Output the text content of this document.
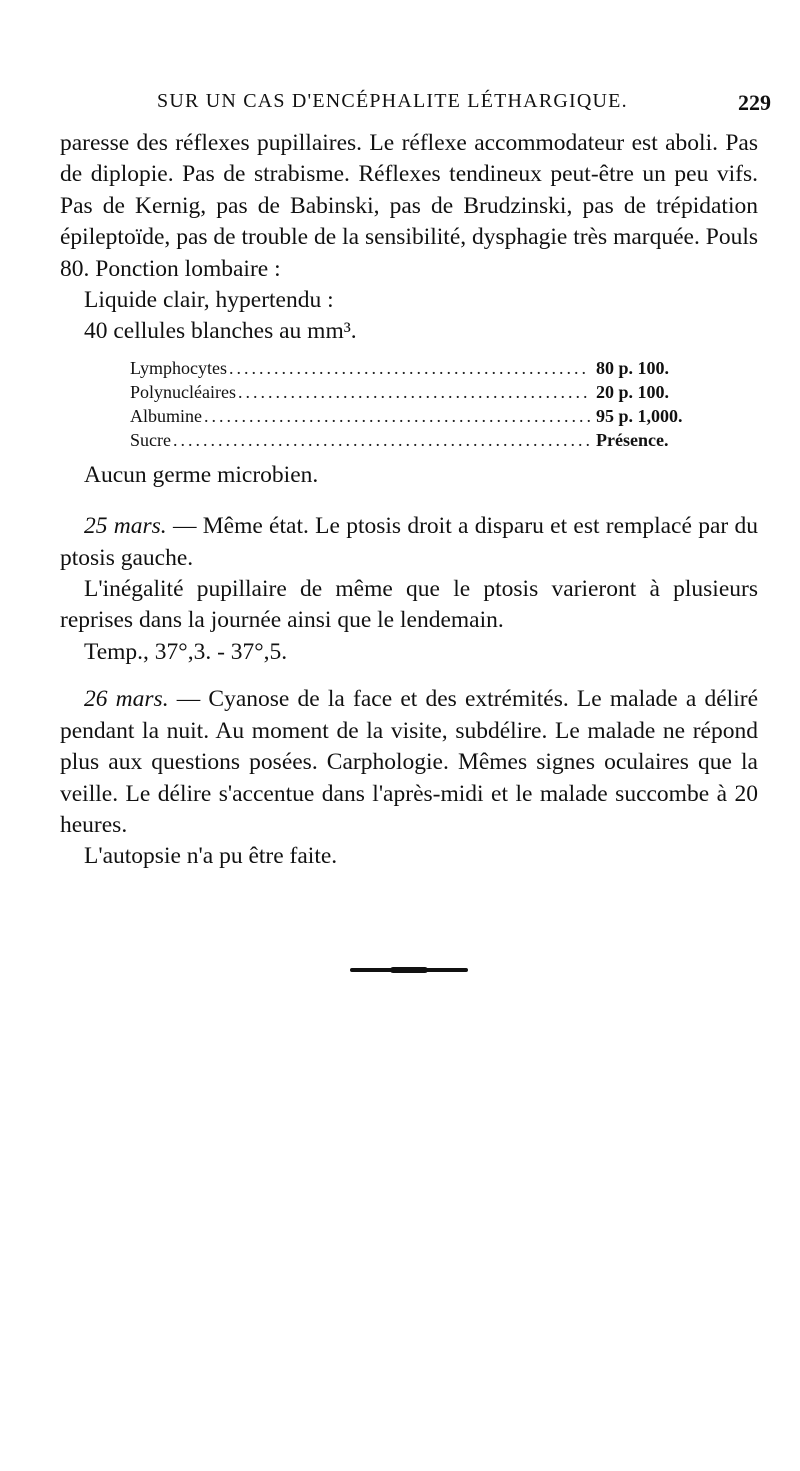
SUR UN CAS D'ENCÉPHALITE LÉTHARGIQUE.	229

paresse des réflexes pupillaires. Le réflexe accommodateur est aboli. Pas de diplopie. Pas de strabisme. Réflexes tendineux peut-être un peu vifs. Pas de Kernig, pas de Babinski, pas de Brudzinski, pas de trépidation épileptoïde, pas de trouble de la sensibilité, dysphagie très marquée. Pouls 80. Ponction lombaire :

Liquide clair, hypertendu :

40 cellules blanches au mm³.

Lymphocytes .....	80 p. 100.
Polynucléaires .....	20 p. 100.
Albumine .....	95 p. 1,000.
Sucre .....	Présence.

Aucun germe microbien.

25 mars. — Même état. Le ptosis droit a disparu et est remplacé par du ptosis gauche.

L'inégalité pupillaire de même que le ptosis varieront à plusieurs reprises dans la journée ainsi que le lendemain.

Temp., 37°,3. - 37°,5.

26 mars. — Cyanose de la face et des extrémités. Le malade a déliré pendant la nuit. Au moment de la visite, subdélire. Le malade ne répond plus aux questions posées. Carphologie. Mêmes signes oculaires que la veille. Le délire s'accentue dans l'après-midi et le malade succombe à 20 heures.

L'autopsie n'a pu être faite.
